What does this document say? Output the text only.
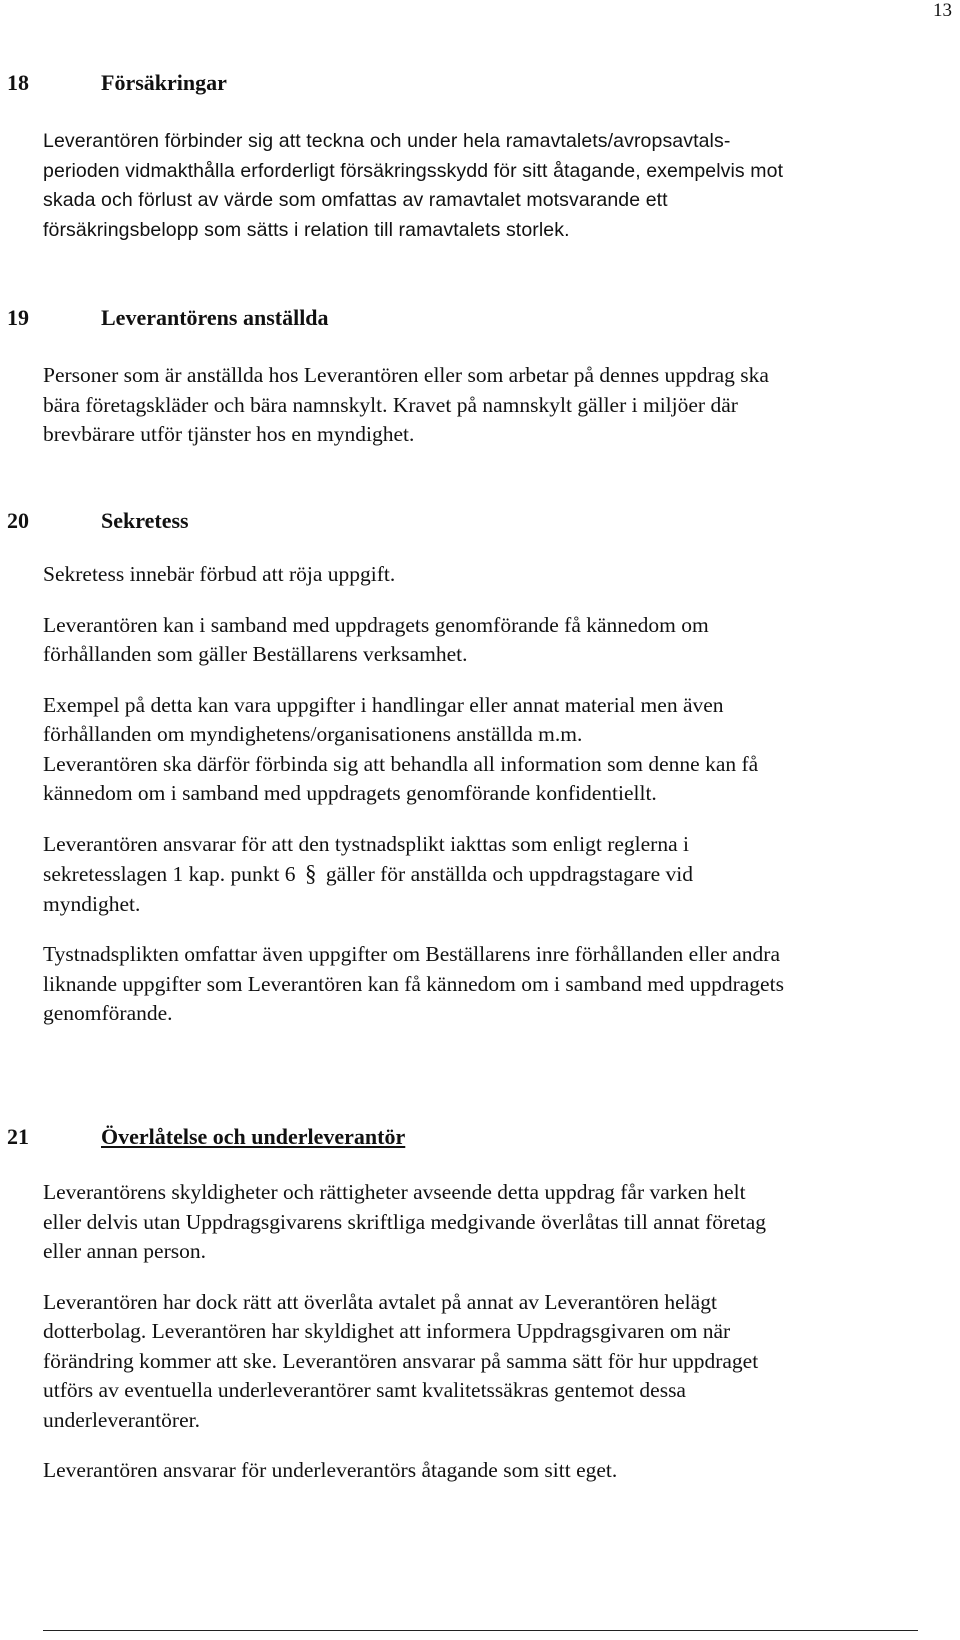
13
18	Försäkringar

Leverantören förbinder sig att teckna och under hela ramavtalets/avropsavtals-
perioden vidmakthålla erforderligt försäkringsskydd för sitt åtagande, exempelvis mot
skada och förlust av värde som omfattas av ramavtalet motsvarande ett
försäkringsbelopp som sätts i relation till ramavtalets storlek.

19	Leverantörens anställda

Personer som är anställda hos Leverantören eller som arbetar på dennes uppdrag ska
bära företagskläder och bära namnskylt. Kravet på namnskylt gäller i miljöer där
brevbärare utför tjänster hos en myndighet.

20	Sekretess

Sekretess innebär förbud att röja uppgift.

Leverantören kan i samband med uppdragets genomförande få kännedom om
förhållanden som gäller Beställarens verksamhet.

Exempel på detta kan vara uppgifter i handlingar eller annat material men även
förhållanden om myndighetens/organisationens anställda m.m.
Leverantören ska därför förbinda sig att behandla all information som denne kan få
kännedom om i samband med uppdragets genomförande konfidentiellt.

Leverantören ansvarar för att den tystnadsplikt iakttas som enligt reglerna i
sekretesslagen 1 kap. punkt 6 § gäller för anställda och uppdragstagare vid
myndighet.

Tystnadsplikten omfattar även uppgifter om Beställarens inre förhållanden eller andra
liknande uppgifter som Leverantören kan få kännedom om i samband med uppdragets
genomförande.

21	Överlåtelse och underleverantör

Leverantörens skyldigheter och rättigheter avseende detta uppdrag får varken helt
eller delvis utan Uppdragsgivarens skriftliga medgivande överlåtas till annat företag
eller annan person.

Leverantören har dock rätt att överlåta avtalet på annat av Leverantören helägt
dotterbolag. Leverantören har skyldighet att informera Uppdragsgivaren om när
förändring kommer att ske. Leverantören ansvarar på samma sätt för hur uppdraget
utförs av eventuella underleverantörer samt kvalitetssäkras gentemot dessa
underleverantörer.

Leverantören ansvarar för underleverantörs åtagande som sitt eget.
